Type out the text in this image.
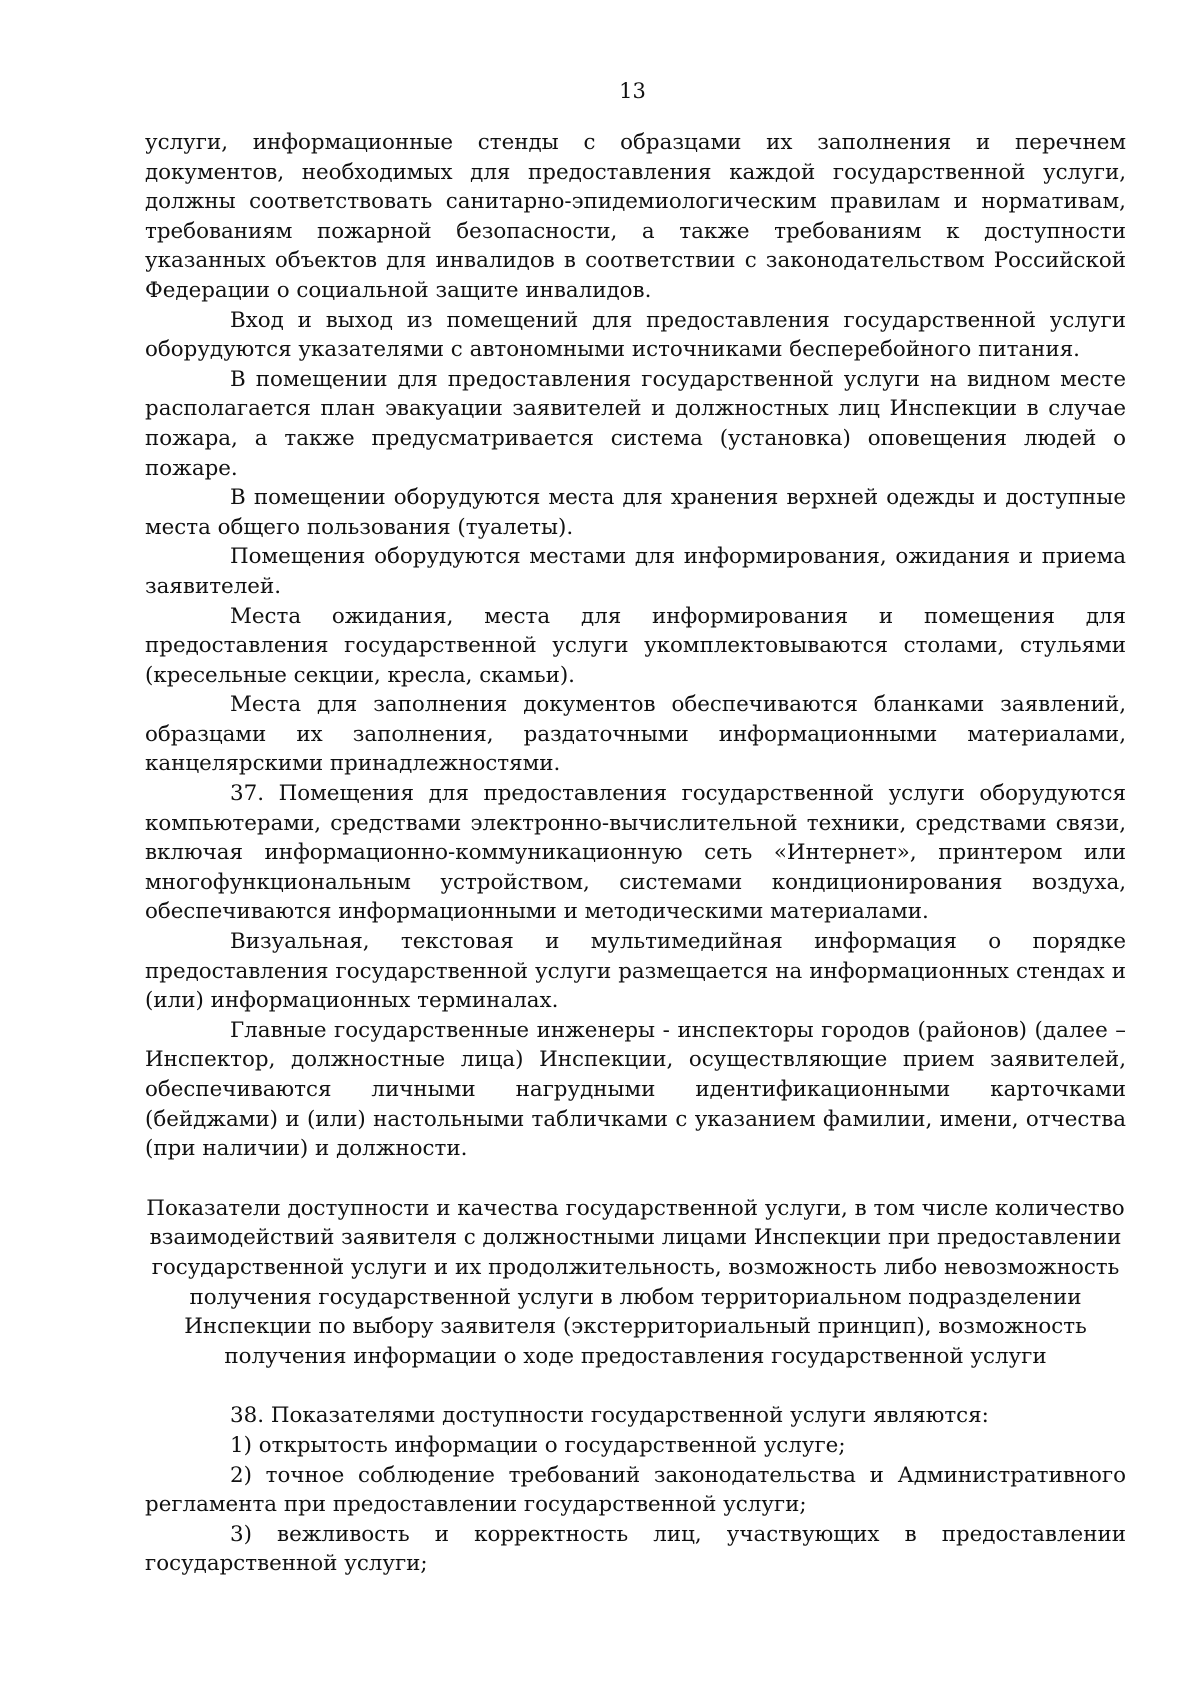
13

услуги, информационные стенды с образцами их заполнения и перечнем документов, необходимых для предоставления каждой государственной услуги, должны соответствовать санитарно-эпидемиологическим правилам и нормативам, требованиям пожарной безопасности, а также требованиям к доступности указанных объектов для инвалидов в соответствии с законодательством Российской Федерации о социальной защите инвалидов.

Вход и выход из помещений для предоставления государственной услуги оборудуются указателями с автономными источниками бесперебойного питания.

В помещении для предоставления государственной услуги на видном месте располагается план эвакуации заявителей и должностных лиц Инспекции в случае пожара, а также предусматривается система (установка) оповещения людей о пожаре.

В помещении оборудуются места для хранения верхней одежды и доступные места общего пользования (туалеты).

Помещения оборудуются местами для информирования, ожидания и приема заявителей.

Места ожидания, места для информирования и помещения для предоставления государственной услуги укомплектовываются столами, стульями (кресельные секции, кресла, скамьи).

Места для заполнения документов обеспечиваются бланками заявлений, образцами их заполнения, раздаточными информационными материалами, канцелярскими принадлежностями.

37. Помещения для предоставления государственной услуги оборудуются компьютерами, средствами электронно-вычислительной техники, средствами связи, включая информационно-коммуникационную сеть «Интернет», принтером или многофункциональным устройством, системами кондиционирования воздуха, обеспечиваются информационными и методическими материалами.

Визуальная, текстовая и мультимедийная информация о порядке предоставления государственной услуги размещается на информационных стендах и (или) информационных терминалах.

Главные государственные инженеры - инспекторы городов (районов) (далее – Инспектор, должностные лица) Инспекции, осуществляющие прием заявителей, обеспечиваются личными нагрудными идентификационными карточками (бейджами) и (или) настольными табличками с указанием фамилии, имени, отчества (при наличии) и должности.

Показатели доступности и качества государственной услуги, в том числе количество взаимодействий заявителя с должностными лицами Инспекции при предоставлении государственной услуги и их продолжительность, возможность либо невозможность получения государственной услуги в любом территориальном подразделении Инспекции по выбору заявителя (экстерриториальный принцип), возможность получения информации о ходе предоставления государственной услуги

38. Показателями доступности государственной услуги являются:

1) открытость информации о государственной услуге;

2) точное соблюдение требований законодательства и Административного регламента при предоставлении государственной услуги;

3) вежливость и корректность лиц, участвующих в предоставлении государственной услуги;
